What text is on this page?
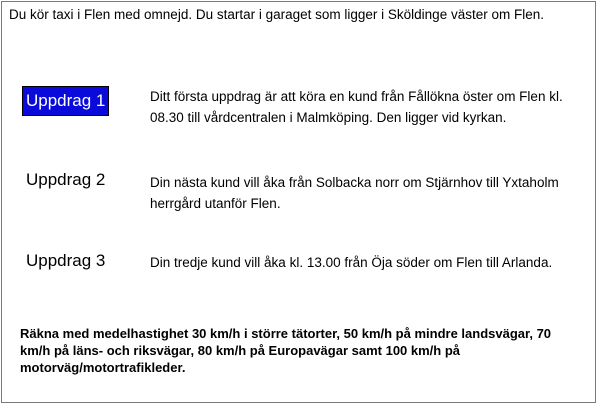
Du kör taxi i Flen med omnejd. Du startar i garaget som ligger i Sköldinge väster om Flen.
Uppdrag 1	Ditt första uppdrag är att köra en kund från Fållökna öster om Flen kl. 08.30 till vårdcentralen i Malmköping. Den ligger vid kyrkan.
Uppdrag 2	Din nästa kund vill åka från Solbacka norr om Stjärnhov till Yxtaholm herrgård utanför Flen.
Uppdrag 3	Din tredje kund vill åka kl. 13.00 från Öja söder om Flen till Arlanda.
Räkna med medelhastighet 30 km/h i större tätorter, 50 km/h på mindre landsvägar, 70 km/h på läns- och riksvägar, 80 km/h på Europavägar samt 100 km/h på motorväg/motortrafikleder.
